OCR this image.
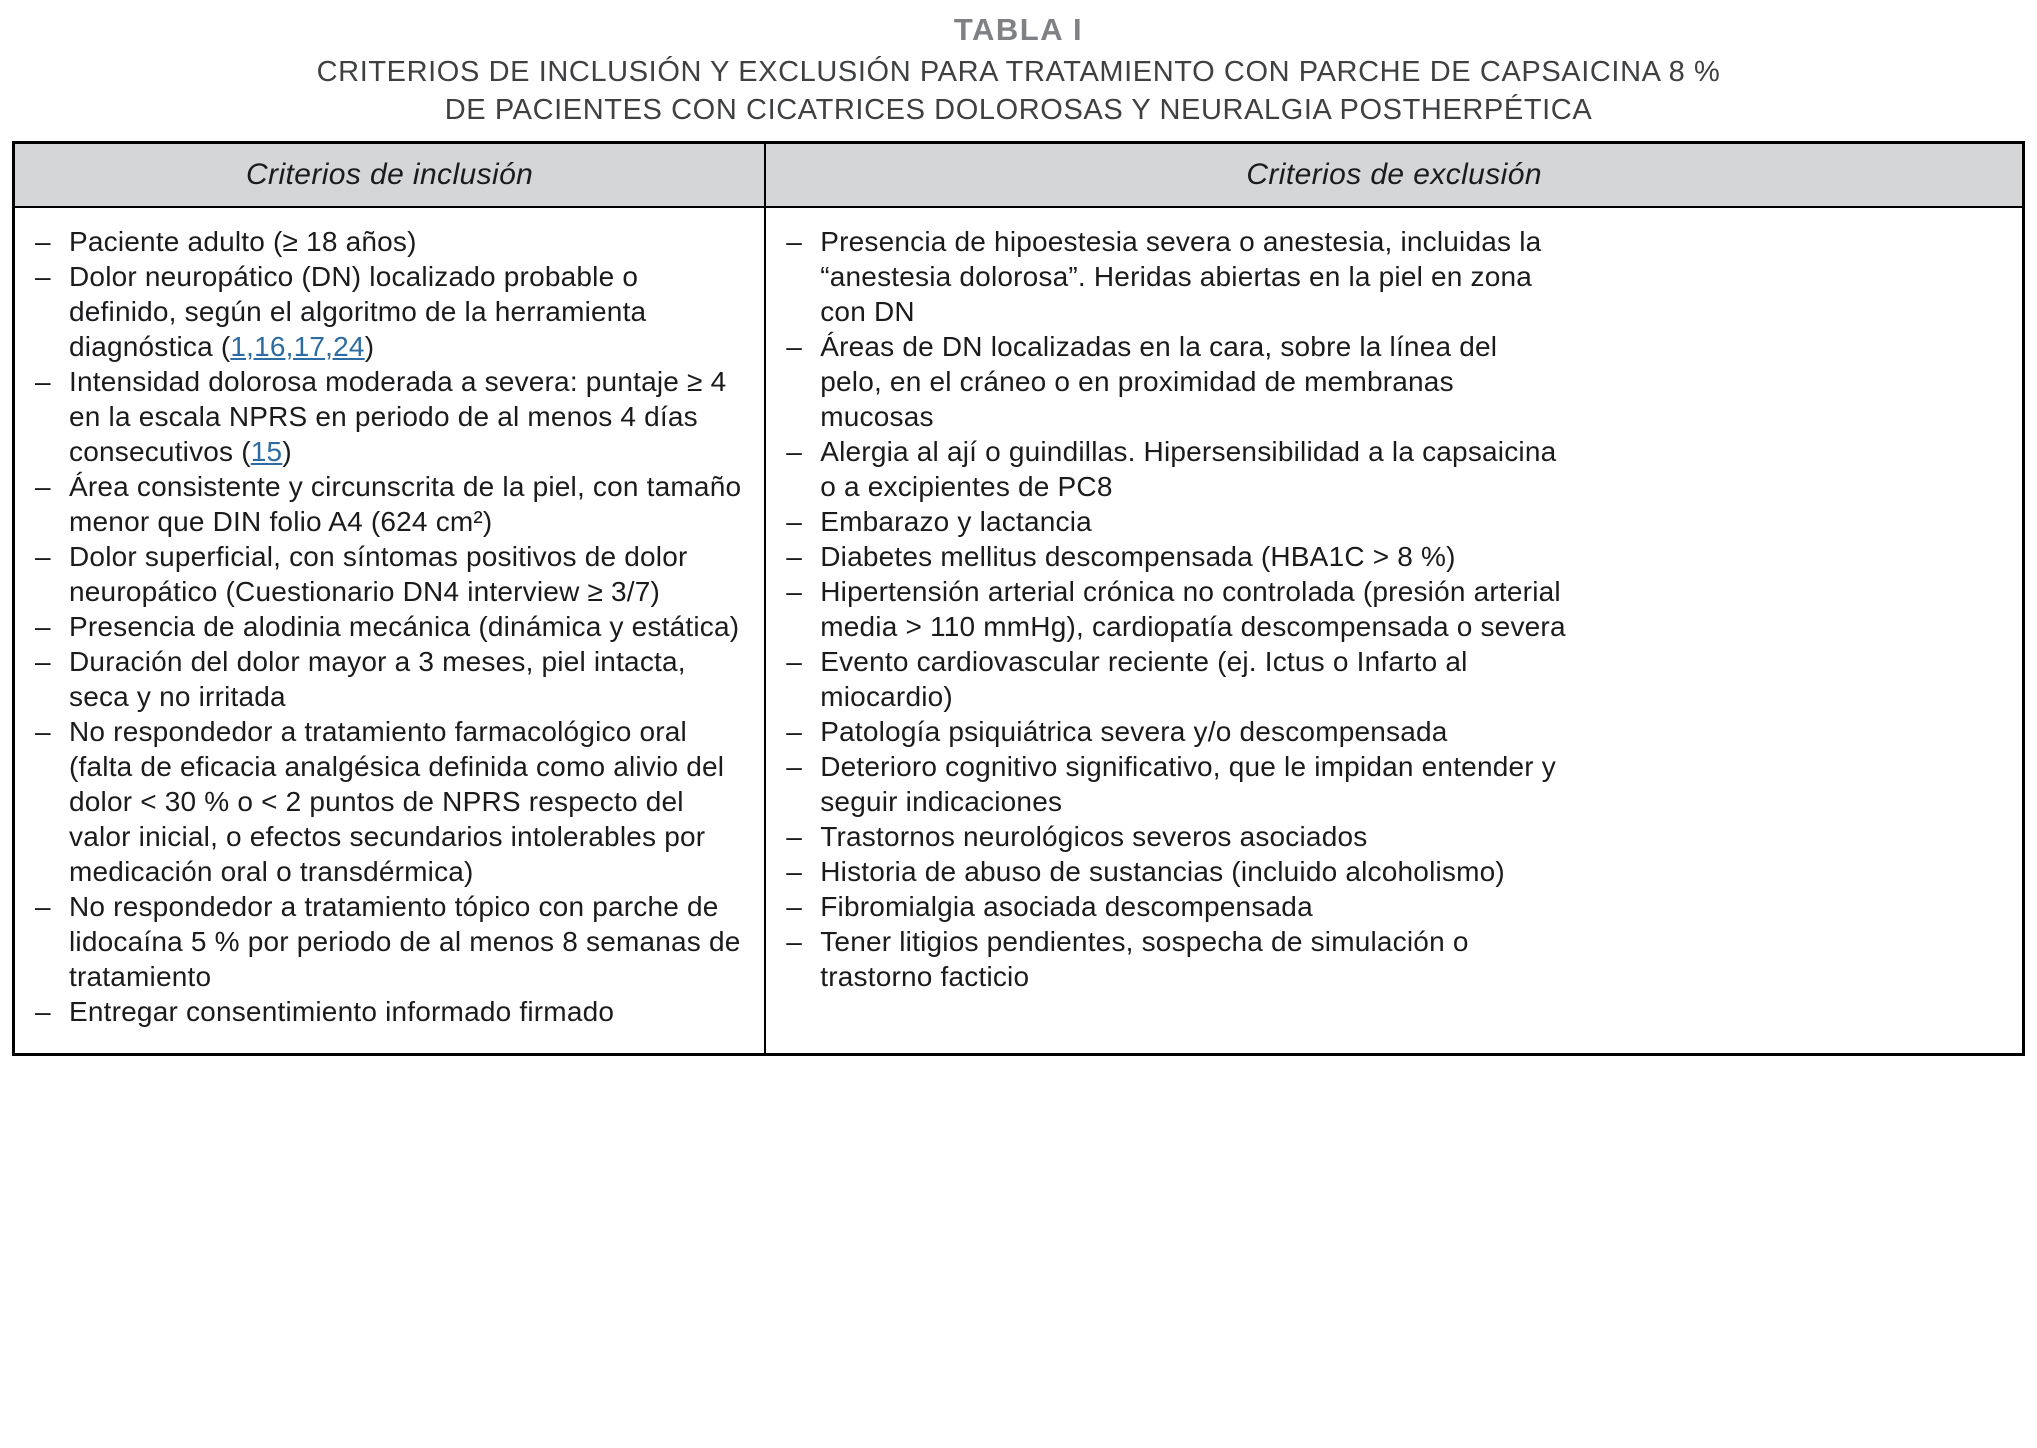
TABLA I
CRITERIOS DE INCLUSIÓN Y EXCLUSIÓN PARA TRATAMIENTO CON PARCHE DE CAPSAICINA 8 %
DE PACIENTES CON CICATRICES DOLOROSAS Y NEURALGIA POSTHERPÉTICA
Criterios de inclusión	Criterios de exclusión

– Paciente adulto (≥ 18 años)
– Dolor neuropático (DN) localizado probable o definido, según el algoritmo de la herramienta diagnóstica (1,16,17,24)
– Intensidad dolorosa moderada a severa: puntaje ≥ 4 en la escala NPRS en periodo de al menos 4 días consecutivos (15)
– Área consistente y circunscrita de la piel, con tamaño menor que DIN folio A4 (624 cm²)
– Dolor superficial, con síntomas positivos de dolor neuropático (Cuestionario DN4 interview ≥ 3/7)
– Presencia de alodinia mecánica (dinámica y estática)
– Duración del dolor mayor a 3 meses, piel intacta, seca y no irritada
– No respondedor a tratamiento farmacológico oral (falta de eficacia analgésica definida como alivio del dolor < 30 % o < 2 puntos de NPRS respecto del valor inicial, o efectos secundarios intolerables por medicación oral o transdérmica)
– No respondedor a tratamiento tópico con parche de lidocaína 5 % por periodo de al menos 8 semanas de tratamiento
– Entregar consentimiento informado firmado

– Presencia de hipoestesia severa o anestesia, incluidas la “anestesia dolorosa”. Heridas abiertas en la piel en zona con DN
– Áreas de DN localizadas en la cara, sobre la línea del pelo, en el cráneo o en proximidad de membranas mucosas
– Alergia al ají o guindillas. Hipersensibilidad a la capsaicina o a excipientes de PC8
– Embarazo y lactancia
– Diabetes mellitus descompensada (HBA1C > 8 %)
– Hipertensión arterial crónica no controlada (presión arterial media > 110 mmHg), cardiopatía descompensada o severa
– Evento cardiovascular reciente (ej. Ictus o Infarto al miocardio)
– Patología psiquiátrica severa y/o descompensada
– Deterioro cognitivo significativo, que le impidan entender y seguir indicaciones
– Trastornos neurológicos severos asociados
– Historia de abuso de sustancias (incluido alcoholismo)
– Fibromialgia asociada descompensada
– Tener litigios pendientes, sospecha de simulación o trastorno facticio
